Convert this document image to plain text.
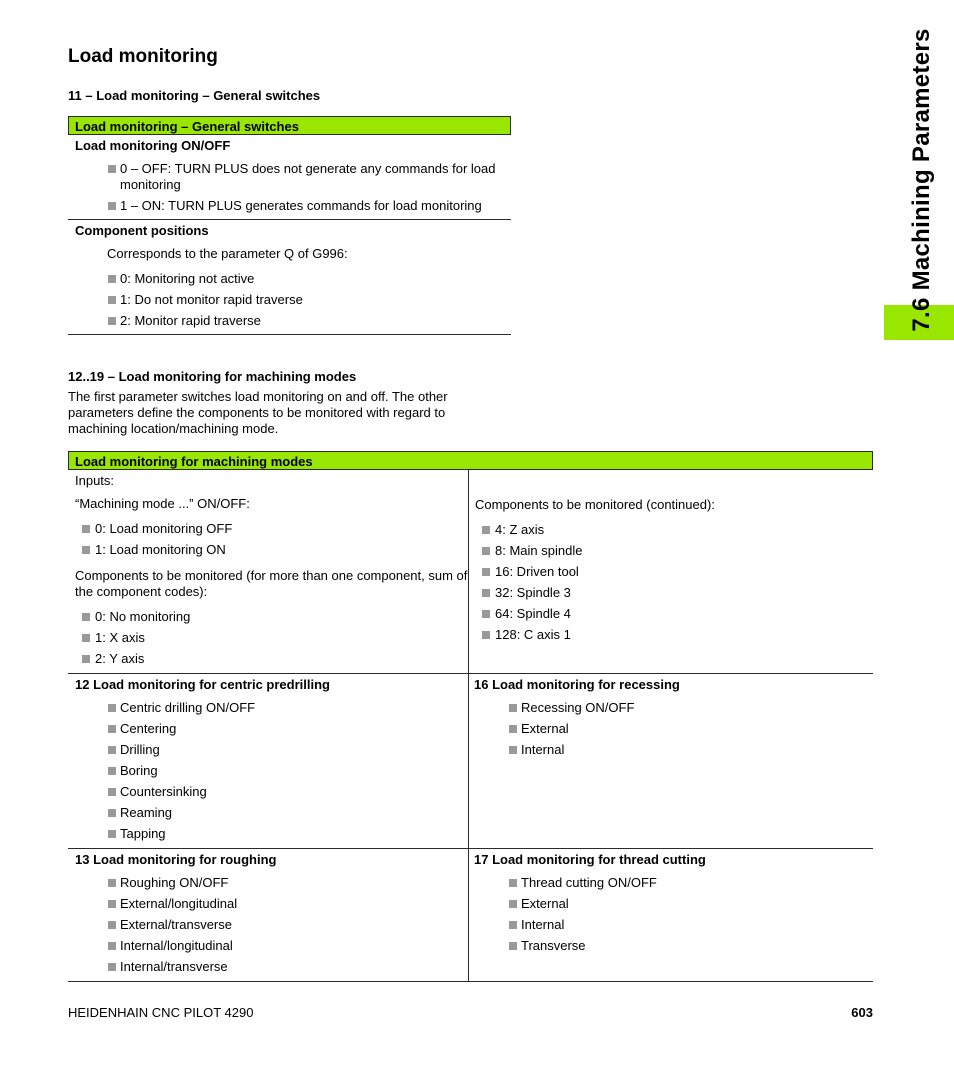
Load monitoring
11 – Load monitoring – General switches
Load monitoring – General switches
Load monitoring ON/OFF
0 – OFF: TURN PLUS does not generate any commands for load monitoring
1 – ON: TURN PLUS generates commands for load monitoring
Component positions
Corresponds to the parameter Q of G996:
0: Monitoring not active
1: Do not monitor rapid traverse
2: Monitor rapid traverse
12..19 – Load monitoring for machining modes
The first parameter switches load monitoring on and off. The other parameters define the components to be monitored with regard to machining location/machining mode.
Load monitoring for machining modes
Inputs:
“Machining mode ...” ON/OFF:
0: Load monitoring OFF
1: Load monitoring ON
Components to be monitored (for more than one component, sum of the component codes):
0: No monitoring
1: X axis
2: Y axis
Components to be monitored (continued):
4: Z axis
8: Main spindle
16: Driven tool
32: Spindle 3
64: Spindle 4
128: C axis 1
12 Load monitoring for centric predrilling
Centric drilling ON/OFF
Centering
Drilling
Boring
Countersinking
Reaming
Tapping
16 Load monitoring for recessing
Recessing ON/OFF
External
Internal
13 Load monitoring for roughing
Roughing ON/OFF
External/longitudinal
External/transverse
Internal/longitudinal
Internal/transverse
17 Load monitoring for thread cutting
Thread cutting ON/OFF
External
Internal
Transverse
7.6 Machining Parameters
HEIDENHAIN CNC PILOT 4290	603
